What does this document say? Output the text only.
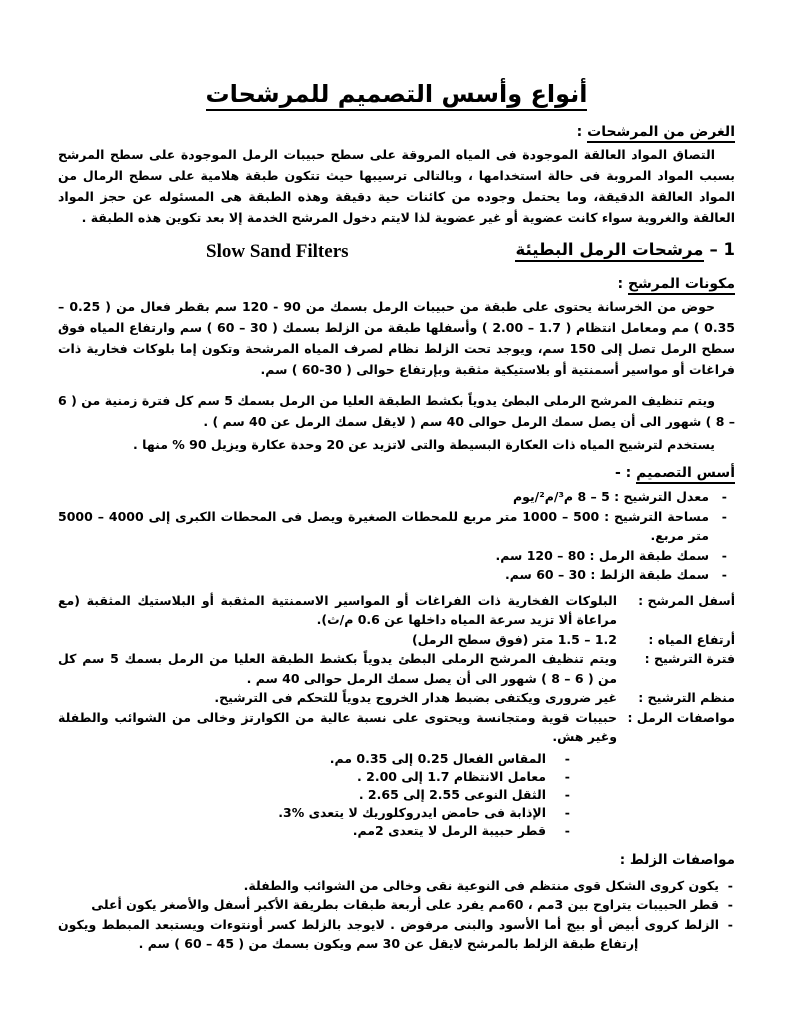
أنواع وأسس التصميم للمرشحات
الغرض من المرشحات :

التصاق المواد العالقة الموجودة فى المياه المروقة على سطح حبيبات الرمل الموجودة على سطح المرشح بسبب المواد المروبة فى حالة استخدامها ، وبالتالى ترسيبها حيث تتكون طبقة هلامية على سطح الرمال من المواد العالقة الدقيقة، وما يحتمل وجوده من كائنات حية دقيقة وهذه الطبقة هى المسئوله عن حجز المواد العالقة والغروية سواء كانت عضوية أو غير عضوية لذا لايتم دخول المرشح الخدمة إلا بعد تكوين هذه الطبقة .

1 –مرشحات الرمل البطيئة
Slow Sand Filters
مكونات المرشح :

حوض من الخرسانة يحتوى على طبقة من حبيبات الرمل بسمك من 90 - 120 سم بقطر فعال من ( 0.25 – 0.35 ) مم ومعامل انتظام ( 1.7 – 2.00 ) وأسفلها طبقة من الزلط بسمك ( 30 – 60 ) سم وارتفاع المياه فوق سطح الرمل تصل إلى 150 سم، ويوجد تحت الزلط نظام لصرف المياه المرشحة وتكون إما بلوكات فخارية ذات فراغات أو مواسير أسمنتية أو بلاستيكية مثقبة وبإرتفاع حوالى ( 30-60 ) سم.

ويتم تنظيف المرشح الرملى البطئ يدوياً بكشط الطبقة العليا من الرمل بسمك 5 سم كل فترة زمنية من ( 6 – 8 ) شهور الى أن يصل سمك الرمل حوالى 40 سم ( لايقل سمك الرمل عن 40 سم ) .

يستخدم لترشيح المياه ذات العكارة البسيطة والتى لاتزيد عن 20 وحدة عكارة ويزيل 90 % منها .

أسس التصميم : -
-
معدل الترشيح : 5 – 8 م³/م²/يوم
-
مساحة الترشيح : 500 – 1000 متر مربع للمحطات الصغيرة ويصل فى المحطات الكبرى إلى 4000 – 5000 متر مربع.
-
سمك طبقة الرمل : 80 – 120 سم.
-
سمك طبقة الزلط : 30 – 60 سم.
أسفل المرشح :
البلوكات الفخارية ذات الفراغات أو المواسير الاسمنتية المثقبة أو البلاستيك المثقبة (مع مراعاة ألا تزيد سرعة المياه داخلها عن 0.6 م/ث).
أرتفاع المياه :
1.2 – 1.5 متر (فوق سطح الرمل)
فترة الترشيح :
ويتم تنظيف المرشح الرملى البطئ يدوياً بكشط الطبقة العليا من الرمل بسمك 5 سم كل من ( 6 – 8 ) شهور الى أن يصل سمك الرمل حوالى 40 سم .
منظم الترشيح :
غير ضرورى ويكتفى بضبط هدار الخروج يدوياً للتحكم فى الترشيح.
مواصفات الرمل :
حبيبات قوية ومتجانسة ويحتوى على نسبة عالية من الكوارتز وخالى من الشوائب والطفلة وغير هش.
-
المقاس الفعال 0.25 إلى 0.35 مم.
-
معامل الانتظام 1.7 إلى 2.00 .
-
الثقل النوعى 2.55 إلى 2.65 .
-
الإذابة فى حامض ايدروكلوريك لا يتعدى %3.
-
قطر حبيبة الرمل لا يتعدى 2مم.
مواصفات الزلط :
-
يكون كروى الشكل قوى منتظم فى النوعية نقى وخالى من الشوائب والطفلة.
-
قطر الحبيبات يتراوح بين 3مم ، 60مم يفرد على أربعة طبقات بطريقة الأكبر أسفل والأصغر يكون أعلى
-
الزلط كروى أبيض أو بيج أما الأسود والبنى مرفوض . لايوجد بالزلط كسر أونتوءات ويستبعد المبطط ويكون إرتفاع طبقة الزلط بالمرشح لايقل عن 30 سم ويكون بسمك من ( 45 – 60 ) سم .
